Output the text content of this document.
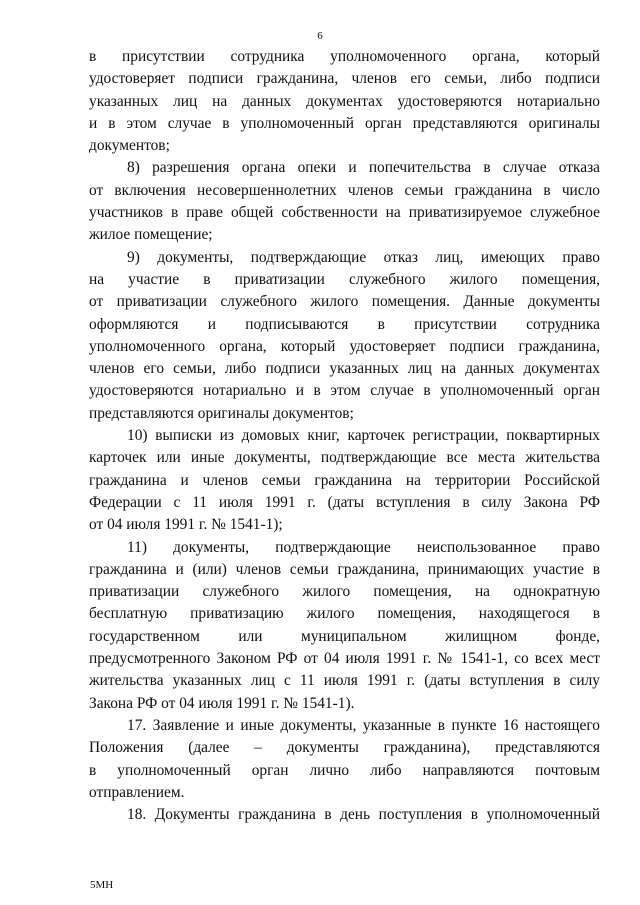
6
в присутствии сотрудника уполномоченного органа, который
удостоверяет подписи гражданина, членов его семьи, либо подписи
указанных лиц на данных документах удостоверяются нотариально
и в этом случае в уполномоченный орган представляются оригиналы
документов;
8) разрешения органа опеки и попечительства в случае отказа
от включения несовершеннолетних членов семьи гражданина в число
участников в праве общей собственности на приватизируемое служебное
жилое помещение;
9) документы, подтверждающие отказ лиц, имеющих право
на участие в приватизации служебного жилого помещения,
от приватизации служебного жилого помещения. Данные документы
оформляются и подписываются в присутствии сотрудника
уполномоченного органа, который удостоверяет подписи гражданина,
членов его семьи, либо подписи указанных лиц на данных документах
удостоверяются нотариально и в этом случае в уполномоченный орган
представляются оригиналы документов;
10) выписки из домовых книг, карточек регистрации, поквартирных
карточек или иные документы, подтверждающие все места жительства
гражданина и членов семьи гражданина на территории Российской
Федерации с 11 июля 1991 г. (даты вступления в силу Закона РФ
от 04 июля 1991 г. № 1541-1);
11) документы, подтверждающие неиспользованное право
гражданина и (или) членов семьи гражданина, принимающих участие в
приватизации служебного жилого помещения, на однократную
бесплатную приватизацию жилого помещения, находящегося в
государственном или муниципальном жилищном фонде,
предусмотренного Законом РФ от 04 июля 1991 г. № 1541-1, со всех мест
жительства указанных лиц с 11 июля 1991 г. (даты вступления в силу
Закона РФ от 04 июля 1991 г. № 1541-1).
17. Заявление и иные документы, указанные в пункте 16 настоящего
Положения (далее – документы гражданина), представляются
в уполномоченный орган лично либо направляются почтовым
отправлением.
18. Документы гражданина в день поступления в уполномоченный
5МН
